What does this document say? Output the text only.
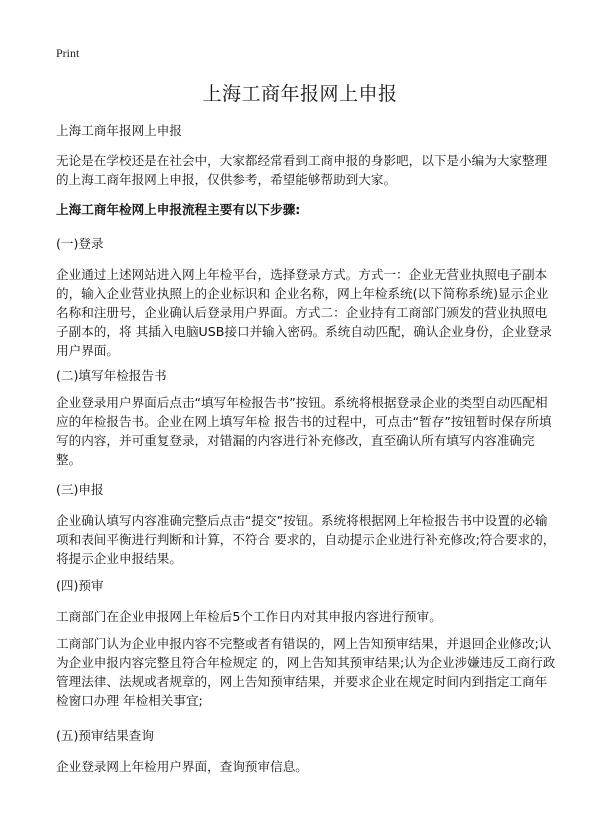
Print
上海工商年报网上申报

上海工商年报网上申报

无论是在学校还是在社会中，大家都经常看到工商申报的身影吧，以下是小编为大家整理的上海工商年报网上申报，仅供参考，希望能够帮助到大家。

上海工商年检网上申报流程主要有以下步骤:

(一)登录

企业通过上述网站进入网上年检平台，选择登录方式。方式一：企业无营业执照电子副本的，输入企业营业执照上的企业标识和 企业名称，网上年检系统(以下简称系统)显示企业名称和注册号，企业确认后登录用户界面。方式二：企业持有工商部门颁发的营业执照电子副本的，将 其插入电脑USB接口并输入密码。系统自动匹配，确认企业身份，企业登录用户界面。

(二)填写年检报告书

企业登录用户界面后点击“填写年检报告书”按钮。系统将根据登录企业的类型自动匹配相应的年检报告书。企业在网上填写年检 报告书的过程中，可点击“暂存”按钮暂时保存所填写的内容，并可重复登录，对错漏的内容进行补充修改，直至确认所有填写内容准确完整。

(三)申报

企业确认填写内容准确完整后点击“提交”按钮。系统将根据网上年检报告书中设置的必输项和表间平衡进行判断和计算，不符合 要求的，自动提示企业进行补充修改;符合要求的，将提示企业申报结果。

(四)预审

工商部门在企业申报网上年检后5个工作日内对其申报内容进行预审。

工商部门认为企业申报内容不完整或者有错误的，网上告知预审结果，并退回企业修改;认为企业申报内容完整且符合年检规定 的，网上告知其预审结果;认为企业涉嫌违反工商行政管理法律、法规或者规章的，网上告知预审结果，并要求企业在规定时间内到指定工商年检窗口办理 年检相关事宜;

(五)预审结果查询

企业登录网上年检用户界面，查询预审信息。
